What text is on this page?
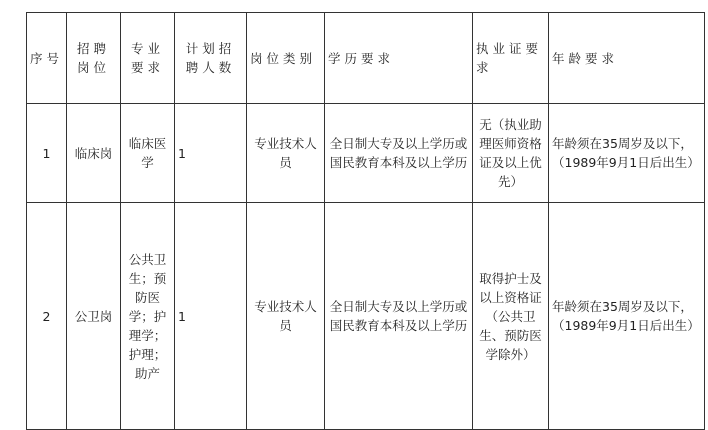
序号	招聘岗位	专业要求	计划招聘人数	岗位类别	学历要求	执业证要求	年龄要求
1	临床岗	临床医学	1	专业技术人员	全日制大专及以上学历或国民教育本科及以上学历	无（执业助理医师资格证及以上优先）	年龄须在35周岁及以下，（1989年9月1日后出生）
2	公卫岗	公共卫生；预防医学；护理学；护理；助产	1	专业技术人员	全日制大专及以上学历或国民教育本科及以上学历	取得护士及以上资格证（公共卫生、预防医学除外）	年龄须在35周岁及以下，（1989年9月1日后出生）
